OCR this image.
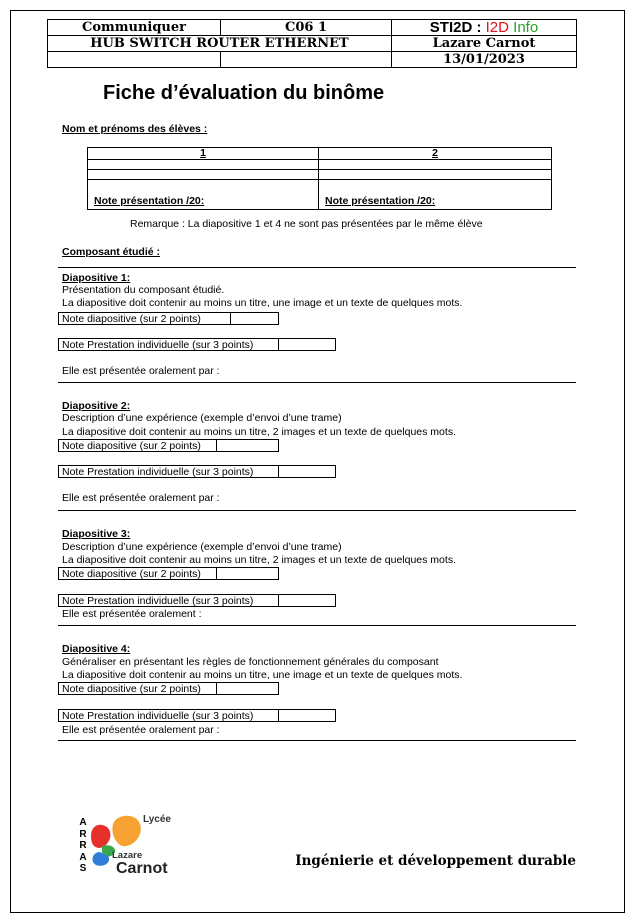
Communiquer	C06 1	STI2D : I2D Info
HUB SWITCH ROUTER ETHERNET		Lazare Carnot
		13/01/2023
Fiche d’évaluation du binôme
Nom et prénoms des élèves :
1	2

Note présentation /20:	Note présentation /20:
Remarque : La diapositive 1 et 4 ne sont pas présentées par le même élève
Composant étudié :
Diapositive 1:
Présentation du composant étudié.
La diapositive doit contenir au moins un titre, une image et un texte de quelques mots.
Note diapositive (sur 2 points)
Note Prestation individuelle (sur 3 points)
Elle est présentée oralement par :
Diapositive 2:
Description d’une expérience (exemple d’envoi d’une trame)
La diapositive doit contenir au moins un titre, 2 images et un texte de quelques mots.
Note diapositive (sur 2 points)
Note Prestation individuelle (sur 3 points)
Elle est présentée oralement par :
Diapositive 3:
Description d’une expérience (exemple d’envoi d’une trame)
La diapositive doit contenir au moins un titre, 2 images et un texte de quelques mots.
Note diapositive (sur 2 points)
Note Prestation individuelle (sur 3 points)
Elle est présentée oralement :
Diapositive 4:
Généraliser en présentant les règles de fonctionnement générales du composant
La diapositive doit contenir au moins un titre, une image et un texte de quelques mots.
Note diapositive (sur 2 points)
Note Prestation individuelle (sur 3 points)
Elle est présentée oralement par :
ARRAS
Lycée
Lazare
Carnot	Ingénierie et développement durable
